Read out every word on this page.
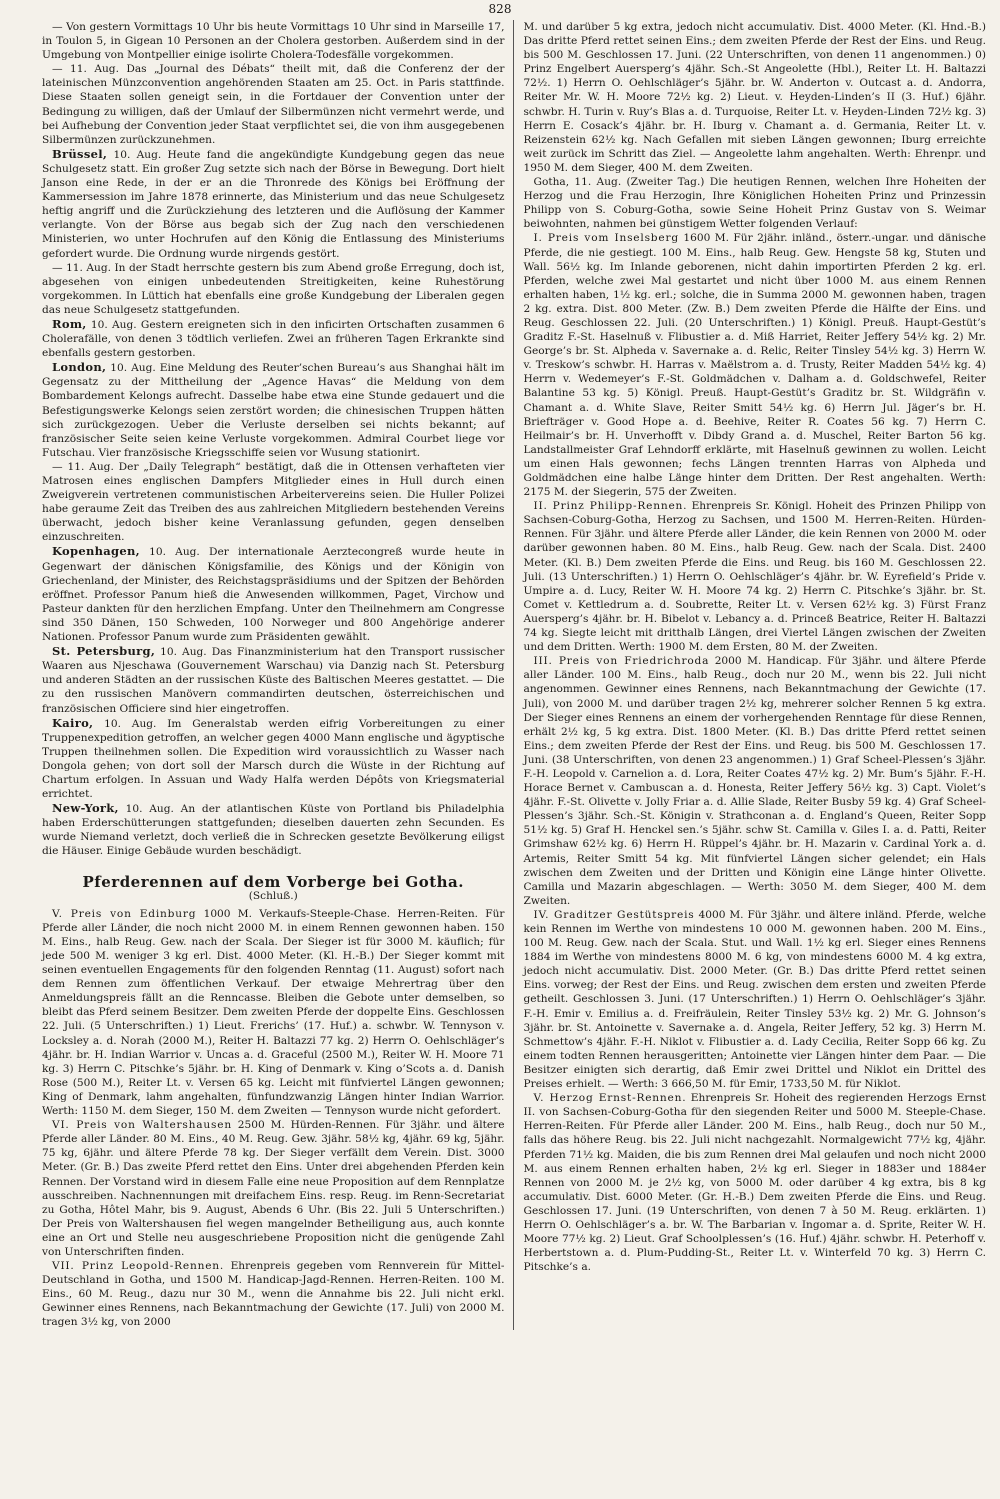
828

— Von gestern Vormittags 10 Uhr bis heute Vormittags 10 Uhr sind in Marseille 17, in Toulon 5, in Gigean 10 Personen an der Cholera gestorben. Außerdem sind in der Umgebung von Montpellier einige isolirte Cholera-Todesfälle vorgekommen.

— 11. Aug. Das „Journal des Débats“ theilt mit, daß die Conferenz der der lateinischen Münzconvention angehörenden Staaten am 25. Oct. in Paris stattfinde. Diese Staaten sollen geneigt sein, in die Fortdauer der Convention unter der Bedingung zu willigen, daß der Umlauf der Silbermünzen nicht vermehrt werde, und bei Aufhebung der Convention jeder Staat verpflichtet sei, die von ihm ausgegebenen Silbermünzen zurückzunehmen.

Brüssel, 10. Aug. Heute fand die angekündigte Kundgebung gegen das neue Schulgesetz statt. Ein großer Zug setzte sich nach der Börse in Bewegung. Dort hielt Janson eine Rede, in der er an die Thronrede des Königs bei Eröffnung der Kammersession im Jahre 1878 erinnerte, das Ministerium und das neue Schulgesetz heftig angriff und die Zurückziehung des letzteren und die Auflösung der Kammer verlangte. Von der Börse aus begab sich der Zug nach den verschiedenen Ministerien, wo unter Hochrufen auf den König die Entlassung des Ministeriums gefordert wurde. Die Ordnung wurde nirgends gestört.

— 11. Aug. In der Stadt herrschte gestern bis zum Abend große Erregung, doch ist, abgesehen von einigen unbedeutenden Streitigkeiten, keine Ruhestörung vorgekommen. In Lüttich hat ebenfalls eine große Kundgebung der Liberalen gegen das neue Schulgesetz stattgefunden.

Rom, 10. Aug. Gestern ereigneten sich in den inficirten Ortschaften zusammen 6 Cholerafälle, von denen 3 tödtlich verliefen. Zwei an früheren Tagen Erkrankte sind ebenfalls gestern gestorben.

London, 10. Aug. Eine Meldung des Reuter’schen Bureau’s aus Shanghai hält im Gegensatz zu der Mittheilung der „Agence Havas“ die Meldung von dem Bombardement Kelongs aufrecht. Dasselbe habe etwa eine Stunde gedauert und die Befestigungswerke Kelongs seien zerstört worden; die chinesischen Truppen hätten sich zurückgezogen. Ueber die Verluste derselben sei nichts bekannt; auf französischer Seite seien keine Verluste vorgekommen. Admiral Courbet liege vor Futschau. Vier französische Kriegsschiffe seien vor Wusung stationirt.

— 11. Aug. Der „Daily Telegraph“ bestätigt, daß die in Ottensen verhafteten vier Matrosen eines englischen Dampfers Mitglieder eines in Hull durch einen Zweigverein vertretenen communistischen Arbeitervereins seien. Die Huller Polizei habe geraume Zeit das Treiben des aus zahlreichen Mitgliedern bestehenden Vereins überwacht, jedoch bisher keine Veranlassung gefunden, gegen denselben einzuschreiten.

Kopenhagen, 10. Aug. Der internationale Aerztecongreß wurde heute in Gegenwart der dänischen Königsfamilie, des Königs und der Königin von Griechenland, der Minister, des Reichstagspräsidiums und der Spitzen der Behörden eröffnet. Professor Panum hieß die Anwesenden willkommen, Paget, Virchow und Pasteur dankten für den herzlichen Empfang. Unter den Theilnehmern am Congresse sind 350 Dänen, 150 Schweden, 100 Norweger und 800 Angehörige anderer Nationen. Professor Panum wurde zum Präsidenten gewählt.

St. Petersburg, 10. Aug. Das Finanzministerium hat den Transport russischer Waaren aus Njeschawa (Gouvernement Warschau) via Danzig nach St. Petersburg und anderen Städten an der russischen Küste des Baltischen Meeres gestattet. — Die zu den russischen Manövern commandirten deutschen, österreichischen und französischen Officiere sind hier eingetroffen.

Kairo, 10. Aug. Im Generalstab werden eifrig Vorbereitungen zu einer Truppenexpedition getroffen, an welcher gegen 4000 Mann englische und ägyptische Truppen theilnehmen sollen. Die Expedition wird voraussichtlich zu Wasser nach Dongola gehen; von dort soll der Marsch durch die Wüste in der Richtung auf Chartum erfolgen. In Assuan und Wady Halfa werden Dépôts von Kriegsmaterial errichtet.

New-York, 10. Aug. An der atlantischen Küste von Portland bis Philadelphia haben Erderschütterungen stattgefunden; dieselben dauerten zehn Secunden. Es wurde Niemand verletzt, doch verließ die in Schrecken gesetzte Bevölkerung eiligst die Häuser. Einige Gebäude wurden beschädigt.

Pferderennen auf dem Vorberge bei Gotha.
(Schluß.)

V. Preis von Edinburg 1000 M. Verkaufs-Steeple-Chase. Herren-Reiten. Für Pferde aller Länder, die noch nicht 2000 M. in einem Rennen gewonnen haben. 150 M. Eins., halb Reug. Gew. nach der Scala. Der Sieger ist für 3000 M. käuflich; für jede 500 M. weniger 3 kg erl. Dist. 4000 Meter. (Kl. H.-B.) Der Sieger kommt mit seinen eventuellen Engagements für den folgenden Renntag (11. August) sofort nach dem Rennen zum öffentlichen Verkauf. Der etwaige Mehrertrag über den Anmeldungspreis fällt an die Renncasse. Bleiben die Gebote unter demselben, so bleibt das Pferd seinem Besitzer. Dem zweiten Pferde der doppelte Eins. Geschlossen 22. Juli. (5 Unterschriften.) 1) Lieut. Frerichs’ (17. Huf.) a. schwbr. W. Tennyson v. Locksley a. d. Norah (2000 M.), Reiter H. Baltazzi 77 kg. 2) Herrn O. Oehlschläger’s 4jähr. br. H. Indian Warrior v. Uncas a. d. Graceful (2500 M.), Reiter W. H. Moore 71 kg. 3) Herrn C. Pitschke’s 5jähr. br. H. King of Denmark v. King o’Scots a. d. Danish Rose (500 M.), Reiter Lt. v. Versen 65 kg. Leicht mit fünfviertel Längen gewonnen; King of Denmark, lahm angehalten, fünfundzwanzig Längen hinter Indian Warrior. Werth: 1150 M. dem Sieger, 150 M. dem Zweiten — Tennyson wurde nicht gefordert.

VI. Preis von Waltershausen 2500 M. Hürden-Rennen. Für 3jähr. und ältere Pferde aller Länder. 80 M. Eins., 40 M. Reug. Gew. 3jähr. 58½ kg, 4jähr. 69 kg, 5jähr. 75 kg, 6jähr. und ältere Pferde 78 kg. Der Sieger verfällt dem Verein. Dist. 3000 Meter. (Gr. B.) Das zweite Pferd rettet den Eins. Unter drei abgehenden Pferden kein Rennen. Der Vorstand wird in diesem Falle eine neue Proposition auf dem Rennplatze ausschreiben. Nachnennungen mit dreifachem Eins. resp. Reug. im Renn-Secretariat zu Gotha, Hôtel Mahr, bis 9. August, Abends 6 Uhr. (Bis 22. Juli 5 Unterschriften.) Der Preis von Waltershausen fiel wegen mangelnder Betheiligung aus, auch konnte eine an Ort und Stelle neu ausgeschriebene Proposition nicht die genügende Zahl von Unterschriften finden.

VII. Prinz Leopold-Rennen. Ehrenpreis gegeben vom Rennverein für Mittel-Deutschland in Gotha, und 1500 M. Handicap-Jagd-Rennen. Herren-Reiten. 100 M. Eins., 60 M. Reug., dazu nur 30 M., wenn die Annahme bis 22. Juli nicht erkl. Gewinner eines Rennens, nach Bekanntmachung der Gewichte (17. Juli) von 2000 M. tragen 3½ kg, von 2000

M. und darüber 5 kg extra, jedoch nicht accumulativ. Dist. 4000 Meter. (Kl. Hnd.-B.) Das dritte Pferd rettet seinen Eins.; dem zweiten Pferde der Rest der Eins. und Reug. bis 500 M. Geschlossen 17. Juni. (22 Unterschriften, von denen 11 angenommen.) 0) Prinz Engelbert Auersperg’s 4jähr. Sch.-St Angeolette (Hbl.), Reiter Lt. H. Baltazzi 72½. 1) Herrn O. Oehlschläger’s 5jähr. br. W. Anderton v. Outcast a. d. Andorra, Reiter Mr. W. H. Moore 72½ kg. 2) Lieut. v. Heyden-Linden’s II (3. Huf.) 6jähr. schwbr. H. Turin v. Ruy’s Blas a. d. Turquoise, Reiter Lt. v. Heyden-Linden 72½ kg. 3) Herrn E. Cosack’s 4jähr. br. H. Iburg v. Chamant a. d. Germania, Reiter Lt. v. Reizenstein 62½ kg. Nach Gefallen mit sieben Längen gewonnen; Iburg erreichte weit zurück im Schritt das Ziel. — Angeolette lahm angehalten. Werth: Ehrenpr. und 1950 M. dem Sieger, 400 M. dem Zweiten.

Gotha, 11. Aug. (Zweiter Tag.) Die heutigen Rennen, welchen Ihre Hoheiten der Herzog und die Frau Herzogin, Ihre Königlichen Hoheiten Prinz und Prinzessin Philipp von S. Coburg-Gotha, sowie Seine Hoheit Prinz Gustav von S. Weimar beiwohnten, nahmen bei günstigem Wetter folgenden Verlauf:

I. Preis vom Inselsberg 1600 M. Für 2jähr. inländ., österr.-ungar. und dänische Pferde, die nie gestiegt. 100 M. Eins., halb Reug. Gew. Hengste 58 kg, Stuten und Wall. 56½ kg. Im Inlande geborenen, nicht dahin importirten Pferden 2 kg. erl. Pferden, welche zwei Mal gestartet und nicht über 1000 M. aus einem Rennen erhalten haben, 1½ kg. erl.; solche, die in Summa 2000 M. gewonnen haben, tragen 2 kg. extra. Dist. 800 Meter. (Zw. B.) Dem zweiten Pferde die Hälfte der Eins. und Reug. Geschlossen 22. Juli. (20 Unterschriften.) 1) Königl. Preuß. Haupt-Gestüt’s Graditz F.-St. Haselnuß v. Flibustier a. d. Miß Harriet, Reiter Jeffery 54½ kg. 2) Mr. George’s br. St. Alpheda v. Savernake a. d. Relic, Reiter Tinsley 54½ kg. 3) Herrn W. v. Treskow’s schwbr. H. Harras v. Maëlstrom a. d. Trusty, Reiter Madden 54½ kg. 4) Herrn v. Wedemeyer’s F.-St. Goldmädchen v. Dalham a. d. Goldschwefel, Reiter Balantine 53 kg. 5) Königl. Preuß. Haupt-Gestüt’s Graditz br. St. Wildgräfin v. Chamant a. d. White Slave, Reiter Smitt 54½ kg. 6) Herrn Jul. Jäger’s br. H. Briefträger v. Good Hope a. d. Beehive, Reiter R. Coates 56 kg. 7) Herrn C. Heilmair’s br. H. Unverhofft v. Dibdy Grand a. d. Muschel, Reiter Barton 56 kg. Landstallmeister Graf Lehndorff erklärte, mit Haselnuß gewinnen zu wollen. Leicht um einen Hals gewonnen; fechs Längen trennten Harras von Alpheda und Goldmädchen eine halbe Länge hinter dem Dritten. Der Rest angehalten. Werth: 2175 M. der Siegerin, 575 der Zweiten.

II. Prinz Philipp-Rennen. Ehrenpreis Sr. Königl. Hoheit des Prinzen Philipp von Sachsen-Coburg-Gotha, Herzog zu Sachsen, und 1500 M. Herren-Reiten. Hürden-Rennen. Für 3jähr. und ältere Pferde aller Länder, die kein Rennen von 2000 M. oder darüber gewonnen haben. 80 M. Eins., halb Reug. Gew. nach der Scala. Dist. 2400 Meter. (Kl. B.) Dem zweiten Pferde die Eins. und Reug. bis 160 M. Geschlossen 22. Juli. (13 Unterschriften.) 1) Herrn O. Oehlschläger’s 4jähr. br. W. Eyrefield’s Pride v. Umpire a. d. Lucy, Reiter W. H. Moore 74 kg. 2) Herrn C. Pitschke’s 3jähr. br. St. Comet v. Kettledrum a. d. Soubrette, Reiter Lt. v. Versen 62½ kg. 3) Fürst Franz Auersperg’s 4jähr. br. H. Bibelot v. Lebancy a. d. Princeß Beatrice, Reiter H. Baltazzi 74 kg. Siegte leicht mit dritthalb Längen, drei Viertel Längen zwischen der Zweiten und dem Dritten. Werth: 1900 M. dem Ersten, 80 M. der Zweiten.

III. Preis von Friedrichroda 2000 M. Handicap. Für 3jähr. und ältere Pferde aller Länder. 100 M. Eins., halb Reug., doch nur 20 M., wenn bis 22. Juli nicht angenommen. Gewinner eines Rennens, nach Bekanntmachung der Gewichte (17. Juli), von 2000 M. und darüber tragen 2½ kg, mehrerer solcher Rennen 5 kg extra. Der Sieger eines Rennens an einem der vorhergehenden Renntage für diese Rennen, erhält 2½ kg, 5 kg extra. Dist. 1800 Meter. (Kl. B.) Das dritte Pferd rettet seinen Eins.; dem zweiten Pferde der Rest der Eins. und Reug. bis 500 M. Geschlossen 17. Juni. (38 Unterschriften, von denen 23 angenommen.) 1) Graf Scheel-Plessen’s 3jähr. F.-H. Leopold v. Carnelion a. d. Lora, Reiter Coates 47½ kg. 2) Mr. Bum’s 5jähr. F.-H. Horace Bernet v. Cambuscan a. d. Honesta, Reiter Jeffery 56½ kg. 3) Capt. Violet’s 4jähr. F.-St. Olivette v. Jolly Friar a. d. Allie Slade, Reiter Busby 59 kg. 4) Graf Scheel-Plessen’s 3jähr. Sch.-St. Königin v. Strathconan a. d. England’s Queen, Reiter Sopp 51½ kg. 5) Graf H. Henckel sen.’s 5jähr. schw St. Camilla v. Giles I. a. d. Patti, Reiter Grimshaw 62½ kg. 6) Herrn H. Rüppel’s 4jähr. br. H. Mazarin v. Cardinal York a. d. Artemis, Reiter Smitt 54 kg. Mit fünfviertel Längen sicher gelendet; ein Hals zwischen dem Zweiten und der Dritten und Königin eine Länge hinter Olivette. Camilla und Mazarin abgeschlagen. — Werth: 3050 M. dem Sieger, 400 M. dem Zweiten.

IV. Graditzer Gestütspreis 4000 M. Für 3jähr. und ältere inländ. Pferde, welche kein Rennen im Werthe von mindestens 10 000 M. gewonnen haben. 200 M. Eins., 100 M. Reug. Gew. nach der Scala. Stut. und Wall. 1½ kg erl. Sieger eines Rennens 1884 im Werthe von mindestens 8000 M. 6 kg, von mindestens 6000 M. 4 kg extra, jedoch nicht accumulativ. Dist. 2000 Meter. (Gr. B.) Das dritte Pferd rettet seinen Eins. vorweg; der Rest der Eins. und Reug. zwischen dem ersten und zweiten Pferde getheilt. Geschlossen 3. Juni. (17 Unterschriften.) 1) Herrn O. Oehlschläger’s 3jähr. F.-H. Emir v. Emilius a. d. Freifräulein, Reiter Tinsley 53½ kg. 2) Mr. G. Johnson’s 3jähr. br. St. Antoinette v. Savernake a. d. Angela, Reiter Jeffery, 52 kg. 3) Herrn M. Schmettow’s 4jähr. F.-H. Niklot v. Flibustier a. d. Lady Cecilia, Reiter Sopp 66 kg. Zu einem todten Rennen herausgeritten; Antoinette vier Längen hinter dem Paar. — Die Besitzer einigten sich derartig, daß Emir zwei Drittel und Niklot ein Drittel des Preises erhielt. — Werth: 3 666,50 M. für Emir, 1733,50 M. für Niklot.

V. Herzog Ernst-Rennen. Ehrenpreis Sr. Hoheit des regierenden Herzogs Ernst II. von Sachsen-Coburg-Gotha für den siegenden Reiter und 5000 M. Steeple-Chase. Herren-Reiten. Für Pferde aller Länder. 200 M. Eins., halb Reug., doch nur 50 M., falls das höhere Reug. bis 22. Juli nicht nachgezahlt. Normalgewicht 77½ kg, 4jähr. Pferden 71½ kg. Maiden, die bis zum Rennen drei Mal gelaufen und noch nicht 2000 M. aus einem Rennen erhalten haben, 2½ kg erl. Sieger in 1883er und 1884er Rennen von 2000 M. je 2½ kg, von 5000 M. oder darüber 4 kg extra, bis 8 kg accumulativ. Dist. 6000 Meter. (Gr. H.-B.) Dem zweiten Pferde die Eins. und Reug. Geschlossen 17. Juni. (19 Unterschriften, von denen 7 à 50 M. Reug. erklärten. 1) Herrn O. Oehlschläger’s a. br. W. The Barbarian v. Ingomar a. d. Sprite, Reiter W. H. Moore 77½ kg. 2) Lieut. Graf Schoolplessen’s (16. Huf.) 4jähr. schwbr. H. Peterhoff v. Herbertstown a. d. Plum-Pudding-St., Reiter Lt. v. Winterfeld 70 kg. 3) Herrn C. Pitschke’s a.
